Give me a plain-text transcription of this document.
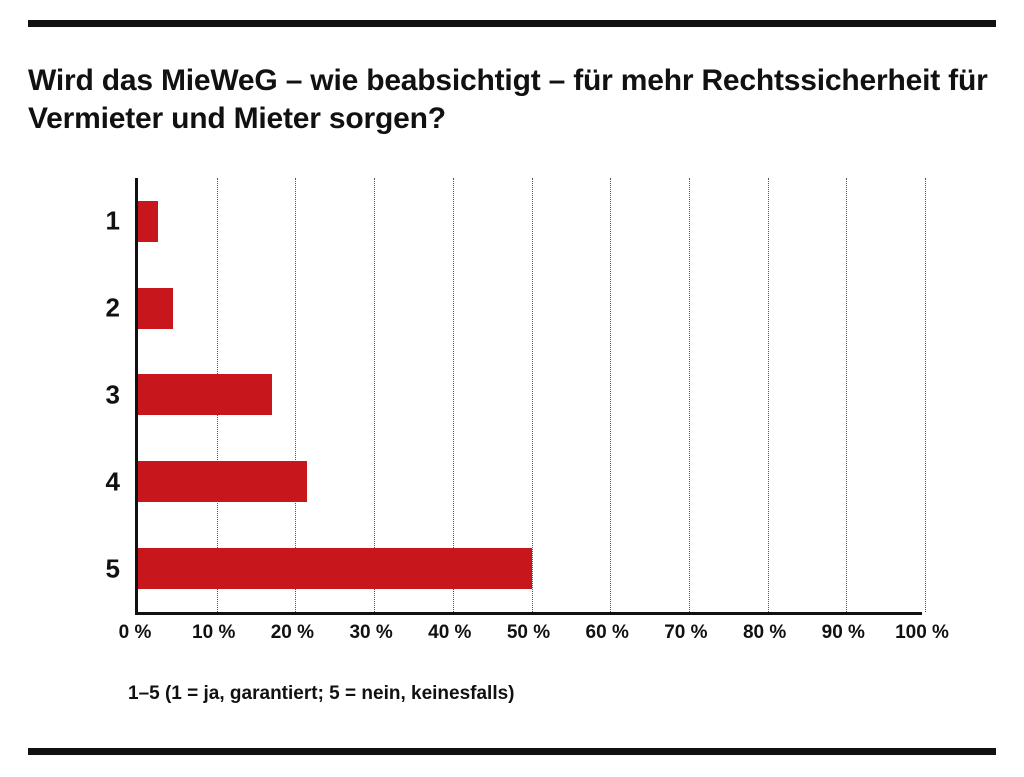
Wird das MieWeG – wie beabsichtigt – für mehr Rechtssicherheit für Vermieter und Mieter sorgen?
1
2
3
4
5
1–5 (1 = ja, garantiert; 5 = nein, keinesfalls)
0 % 10 % 20 % 30 % 40 % 50 % 60 % 70 % 80 % 90 % 100 %
